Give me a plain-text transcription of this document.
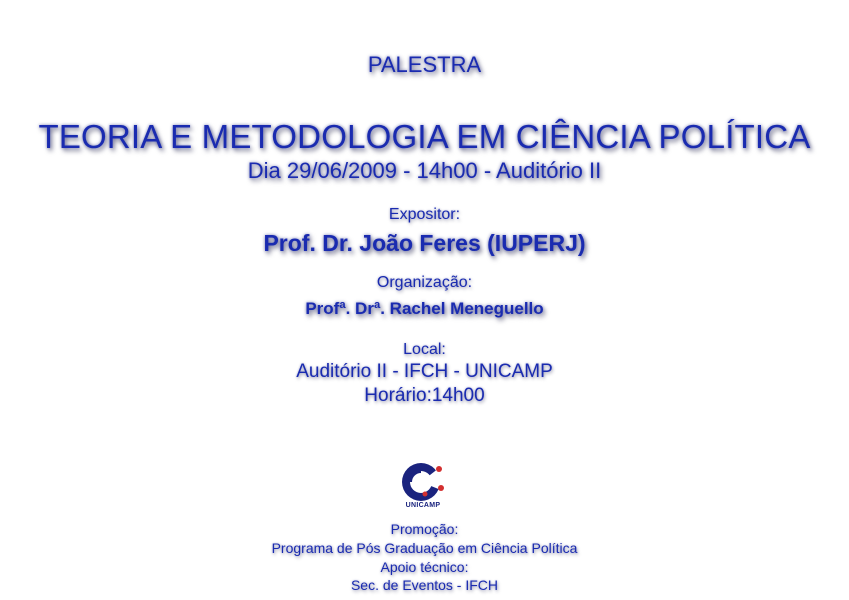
PALESTRA
TEORIA E METODOLOGIA EM CIÊNCIA POLÍTICA
Dia 29/06/2009 - 14h00 - Auditório II
Expositor:
Prof. Dr. João Feres (IUPERJ)
Organização:
Profª. Drª. Rachel Meneguello
Local:
Auditório II - IFCH - UNICAMP
Horário:14h00
UNICAMP
Promoção:
Programa de Pós Graduação em Ciência Política
Apoio técnico:
Sec. de Eventos - IFCH
